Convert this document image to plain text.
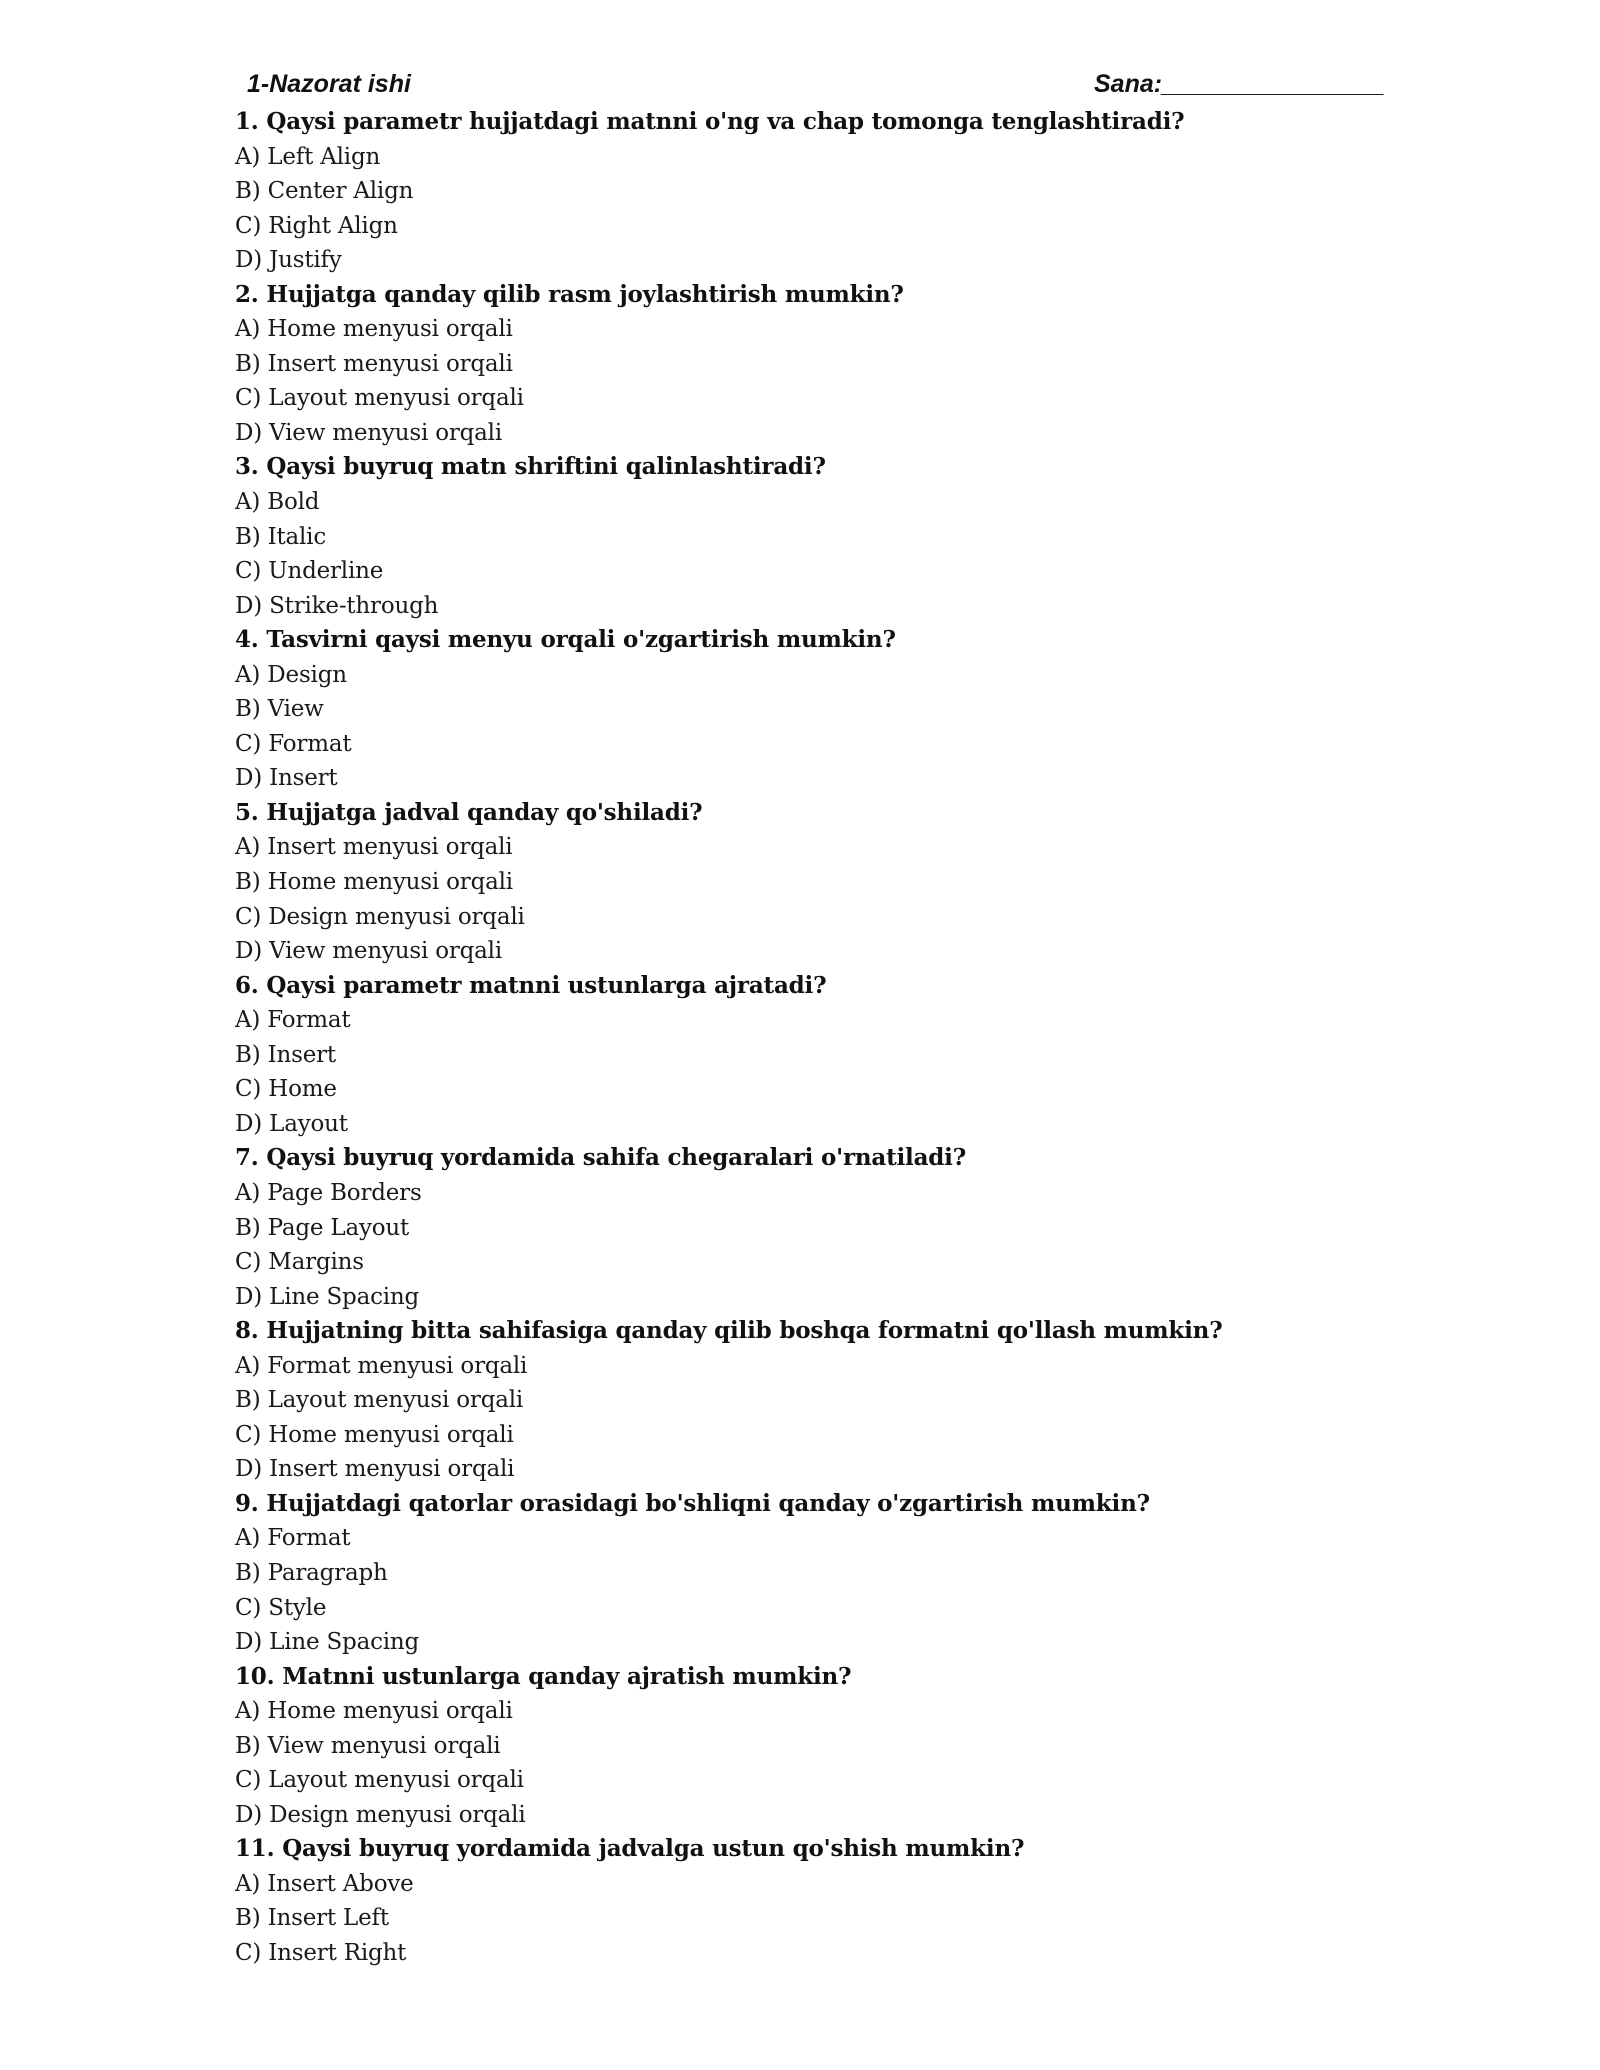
1-Nazorat ishi	Sana:________________
1. Qaysi parametr hujjatdagi matnni o'ng va chap tomonga tenglashtiradi?
A) Left Align
B) Center Align
C) Right Align
D) Justify
2. Hujjatga qanday qilib rasm joylashtirish mumkin?
A) Home menyusi orqali
B) Insert menyusi orqali
C) Layout menyusi orqali
D) View menyusi orqali
3. Qaysi buyruq matn shriftini qalinlashtiradi?
A) Bold
B) Italic
C) Underline
D) Strike-through
4. Tasvirni qaysi menyu orqali o'zgartirish mumkin?
A) Design
B) View
C) Format
D) Insert
5. Hujjatga jadval qanday qo'shiladi?
A) Insert menyusi orqali
B) Home menyusi orqali
C) Design menyusi orqali
D) View menyusi orqali
6. Qaysi parametr matnni ustunlarga ajratadi?
A) Format
B) Insert
C) Home
D) Layout
7. Qaysi buyruq yordamida sahifa chegaralari o'rnatiladi?
A) Page Borders
B) Page Layout
C) Margins
D) Line Spacing
8. Hujjatning bitta sahifasiga qanday qilib boshqa formatni qo'llash mumkin?
A) Format menyusi orqali
B) Layout menyusi orqali
C) Home menyusi orqali
D) Insert menyusi orqali
9. Hujjatdagi qatorlar orasidagi bo'shliqni qanday o'zgartirish mumkin?
A) Format
B) Paragraph
C) Style
D) Line Spacing
10. Matnni ustunlarga qanday ajratish mumkin?
A) Home menyusi orqali
B) View menyusi orqali
C) Layout menyusi orqali
D) Design menyusi orqali
11. Qaysi buyruq yordamida jadvalga ustun qo'shish mumkin?
A) Insert Above
B) Insert Left
C) Insert Right
